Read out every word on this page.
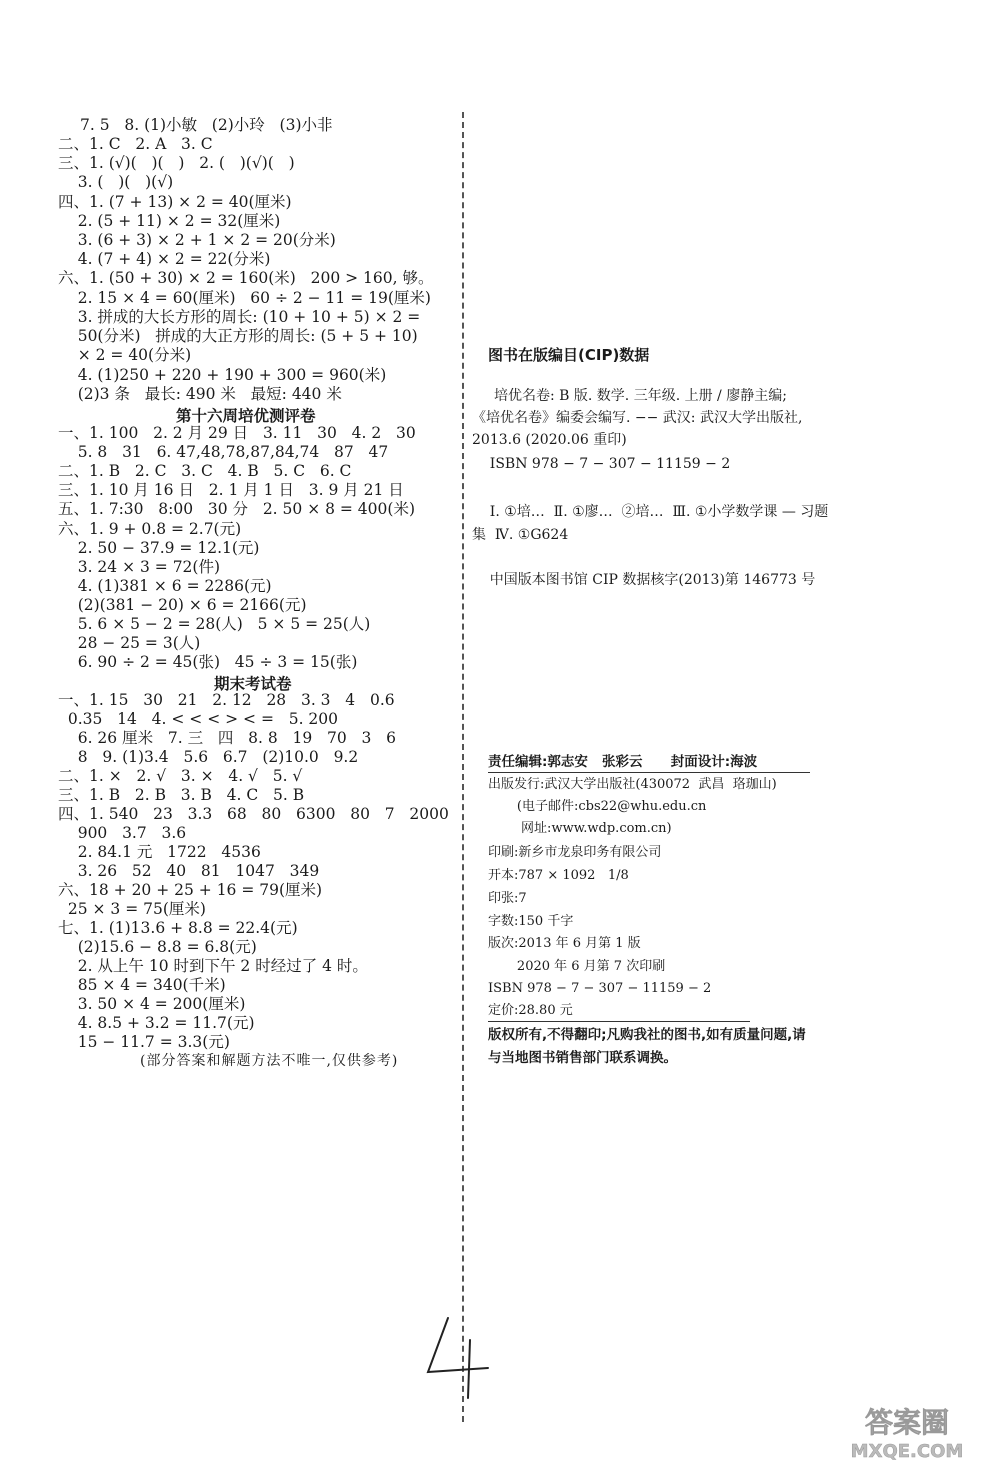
7. 5   8. (1)小敏   (2)小玲   (3)小非
二、1. C   2. A   3. C
三、1. (√)(   )(   )   2. (   )(√)(   )
3. (   )(   )(√)
四、1. (7 + 13) × 2 = 40(厘米)
2. (5 + 11) × 2 = 32(厘米)
3. (6 + 3) × 2 + 1 × 2 = 20(分米)
4. (7 + 4) × 2 = 22(分米)
六、1. (50 + 30) × 2 = 160(米)   200 > 160, 够。
2. 15 × 4 = 60(厘米)   60 ÷ 2 − 11 = 19(厘米)
3. 拼成的大长方形的周长: (10 + 10 + 5) × 2 =
50(分米)   拼成的大正方形的周长: (5 + 5 + 10)
× 2 = 40(分米)
4. (1)250 + 220 + 190 + 300 = 960(米)
(2)3 条   最长: 490 米   最短: 440 米
第十六周培优测评卷
一、1. 100   2. 2 月 29 日   3. 11   30   4. 2   30
5. 8   31   6. 47,48,78,87,84,74   87   47
二、1. B   2. C   3. C   4. B   5. C   6. C
三、1. 10 月 16 日   2. 1 月 1 日   3. 9 月 21 日
五、1. 7:30   8:00   30 分   2. 50 × 8 = 400(米)
六、1. 9 + 0.8 = 2.7(元)
2. 50 − 37.9 = 12.1(元)
3. 24 × 3 = 72(件)
4. (1)381 × 6 = 2286(元)
(2)(381 − 20) × 6 = 2166(元)
5. 6 × 5 − 2 = 28(人)   5 × 5 = 25(人)
28 − 25 = 3(人)
6. 90 ÷ 2 = 45(张)   45 ÷ 3 = 15(张)
期末考试卷
一、1. 15   30   21   2. 12   28   3. 3   4   0.6
0.35   14   4. < < < > < =   5. 200
6. 26 厘米   7. 三   四   8. 8   19   70   3   6
8   9. (1)3.4   5.6   6.7   (2)10.0   9.2
二、1. ×   2. √   3. ×   4. √   5. √
三、1. B   2. B   3. B   4. C   5. B
四、1. 540   23   3.3   68   80   6300   80   7   2000
900   3.7   3.6
2. 84.1 元   1722   4536
3. 26   52   40   81   1047   349
六、18 + 20 + 25 + 16 = 79(厘米)
25 × 3 = 75(厘米)
七、1. (1)13.6 + 8.8 = 22.4(元)
(2)15.6 − 8.8 = 6.8(元)
2. 从上午 10 时到下午 2 时经过了 4 时。
85 × 4 = 340(千米)
3. 50 × 4 = 200(厘米)
4. 8.5 + 3.2 = 11.7(元)
15 − 11.7 = 3.3(元)
(部分答案和解题方法不唯一,仅供参考)
图书在版编目(CIP)数据
培优名卷: B 版. 数学. 三年级. 上册 / 廖静主编;
《培优名卷》编委会编写. −− 武汉: 武汉大学出版社,
2013.6 (2020.06 重印)
ISBN 978 − 7 − 307 − 11159 − 2
Ⅰ. ①培…  Ⅱ. ①廖…  ②培…  Ⅲ. ①小学数学课 — 习题
集  Ⅳ. ①G624
中国版本图书馆 CIP 数据核字(2013)第 146773 号
责任编辑:郭志安   张彩云      封面设计:海波
出版发行:武汉大学出版社(430072  武昌  珞珈山)
(电子邮件:cbs22@whu.edu.cn
网址:www.wdp.com.cn)
印刷:新乡市龙泉印务有限公司
开本:787 × 1092   1/8
印张:7
字数:150 千字
版次:2013 年 6 月第 1 版
2020 年 6 月第 7 次印刷
ISBN 978 − 7 − 307 − 11159 − 2
定价:28.80 元
版权所有,不得翻印;凡购我社的图书,如有质量问题,请
与当地图书销售部门联系调换。
答案圈
MXQE.COM
